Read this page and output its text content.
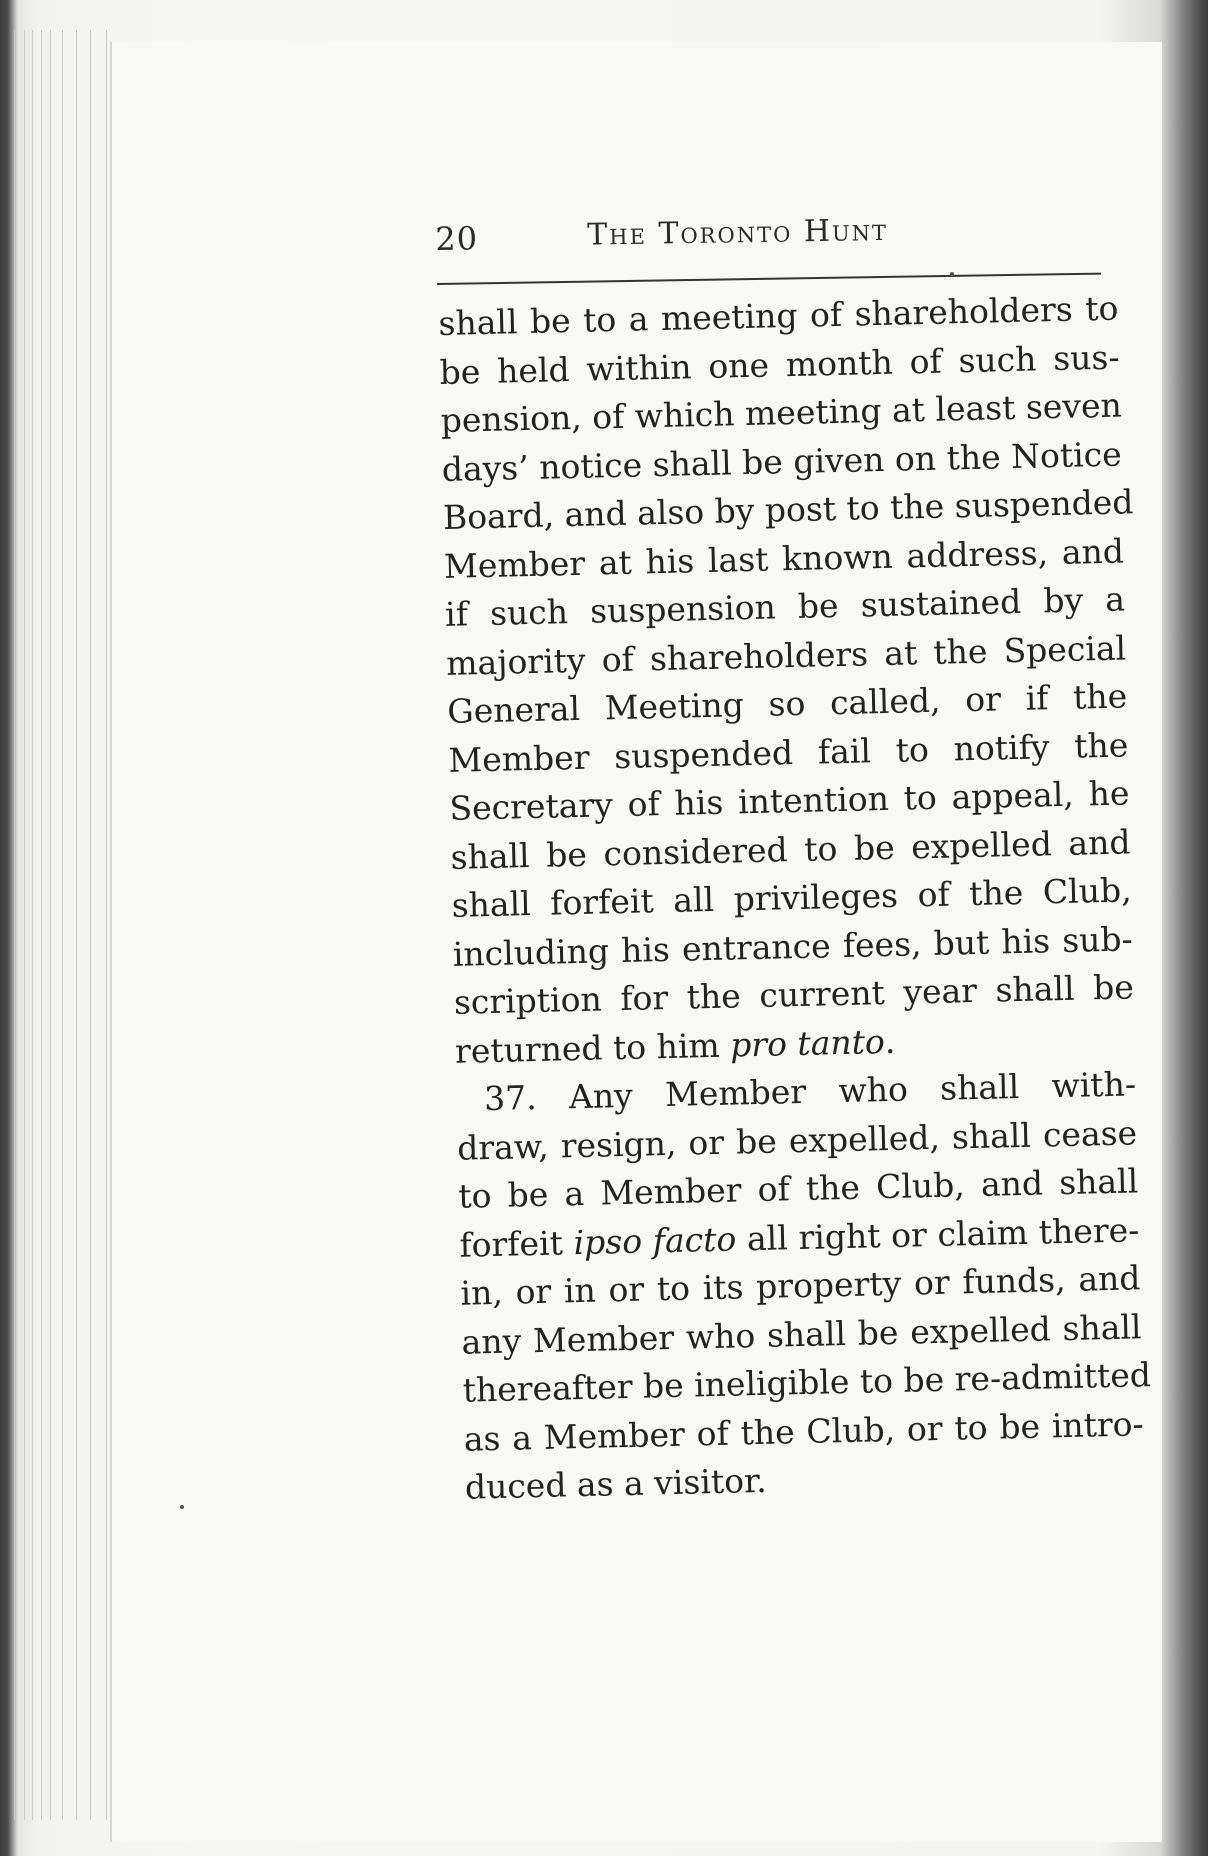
20	The Toronto Hunt
shall be to a meeting of shareholders to
be held within one month of such sus-
pension, of which meeting at least seven
days’ notice shall be given on the Notice
Board, and also by post to the suspended
Member at his last known address, and
if such suspension be sustained by a
majority of shareholders at the Special
General Meeting so called, or if the
Member suspended fail to notify the
Secretary of his intention to appeal, he
shall be considered to be expelled and
shall forfeit all privileges of the Club,
including his entrance fees, but his sub-
scription for the current year shall be
returned to him pro tanto.
37. Any Member who shall with-
draw, resign, or be expelled, shall cease
to be a Member of the Club, and shall
forfeit ipso facto all right or claim there-
in, or in or to its property or funds, and
any Member who shall be expelled shall
thereafter be ineligible to be re-admitted
as a Member of the Club, or to be intro-
duced as a visitor.
